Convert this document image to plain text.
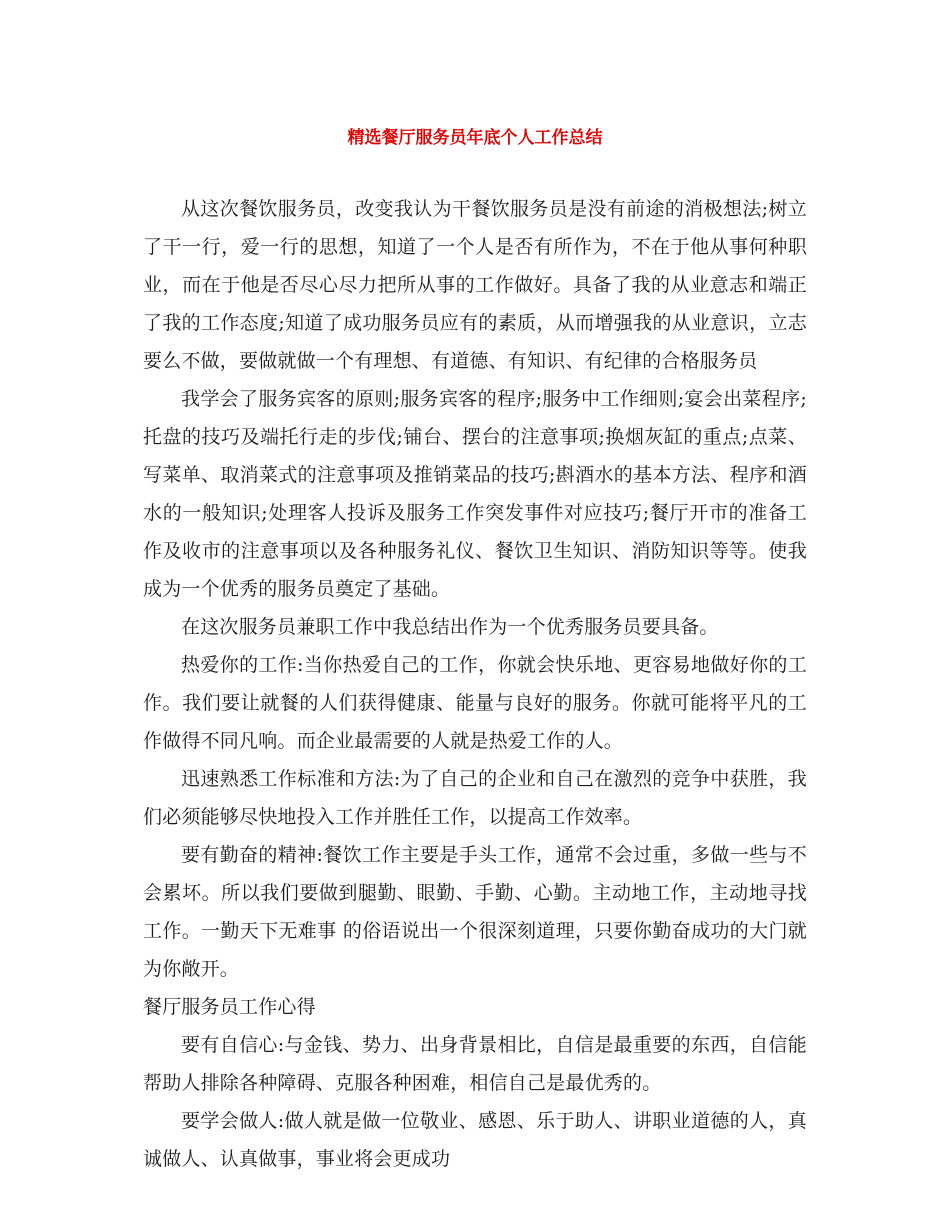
精选餐厅服务员年底个人工作总结

从这次餐饮服务员，改变我认为干餐饮服务员是没有前途的消极想法;树立了干一行，爱一行的思想，知道了一个人是否有所作为，不在于他从事何种职业，而在于他是否尽心尽力把所从事的工作做好。具备了我的从业意志和端正了我的工作态度;知道了成功服务员应有的素质，从而增强我的从业意识，立志要么不做，要做就做一个有理想、有道德、有知识、有纪律的合格服务员

我学会了服务宾客的原则;服务宾客的程序;服务中工作细则;宴会出菜程序;托盘的技巧及端托行走的步伐;铺台、摆台的注意事项;换烟灰缸的重点;点菜、写菜单、取消菜式的注意事项及推销菜品的技巧;斟酒水的基本方法、程序和酒水的一般知识;处理客人投诉及服务工作突发事件对应技巧;餐厅开市的准备工作及收市的注意事项以及各种服务礼仪、餐饮卫生知识、消防知识等等。使我成为一个优秀的服务员奠定了基础。

在这次服务员兼职工作中我总结出作为一个优秀服务员要具备。

热爱你的工作:当你热爱自己的工作，你就会快乐地、更容易地做好你的工作。我们要让就餐的人们获得健康、能量与良好的服务。你就可能将平凡的工作做得不同凡响。而企业最需要的人就是热爱工作的人。

迅速熟悉工作标准和方法:为了自己的企业和自己在激烈的竞争中获胜，我们必须能够尽快地投入工作并胜任工作，以提高工作效率。

要有勤奋的精神:餐饮工作主要是手头工作，通常不会过重，多做一些与不会累坏。所以我们要做到腿勤、眼勤、手勤、心勤。主动地工作，主动地寻找工作。一勤天下无难事 的俗语说出一个很深刻道理，只要你勤奋成功的大门就为你敞开。

餐厅服务员工作心得

要有自信心:与金钱、势力、出身背景相比，自信是最重要的东西，自信能帮助人排除各种障碍、克服各种困难，相信自己是最优秀的。

要学会做人:做人就是做一位敬业、感恩、乐于助人、讲职业道德的人，真诚做人、认真做事，事业将会更成功
